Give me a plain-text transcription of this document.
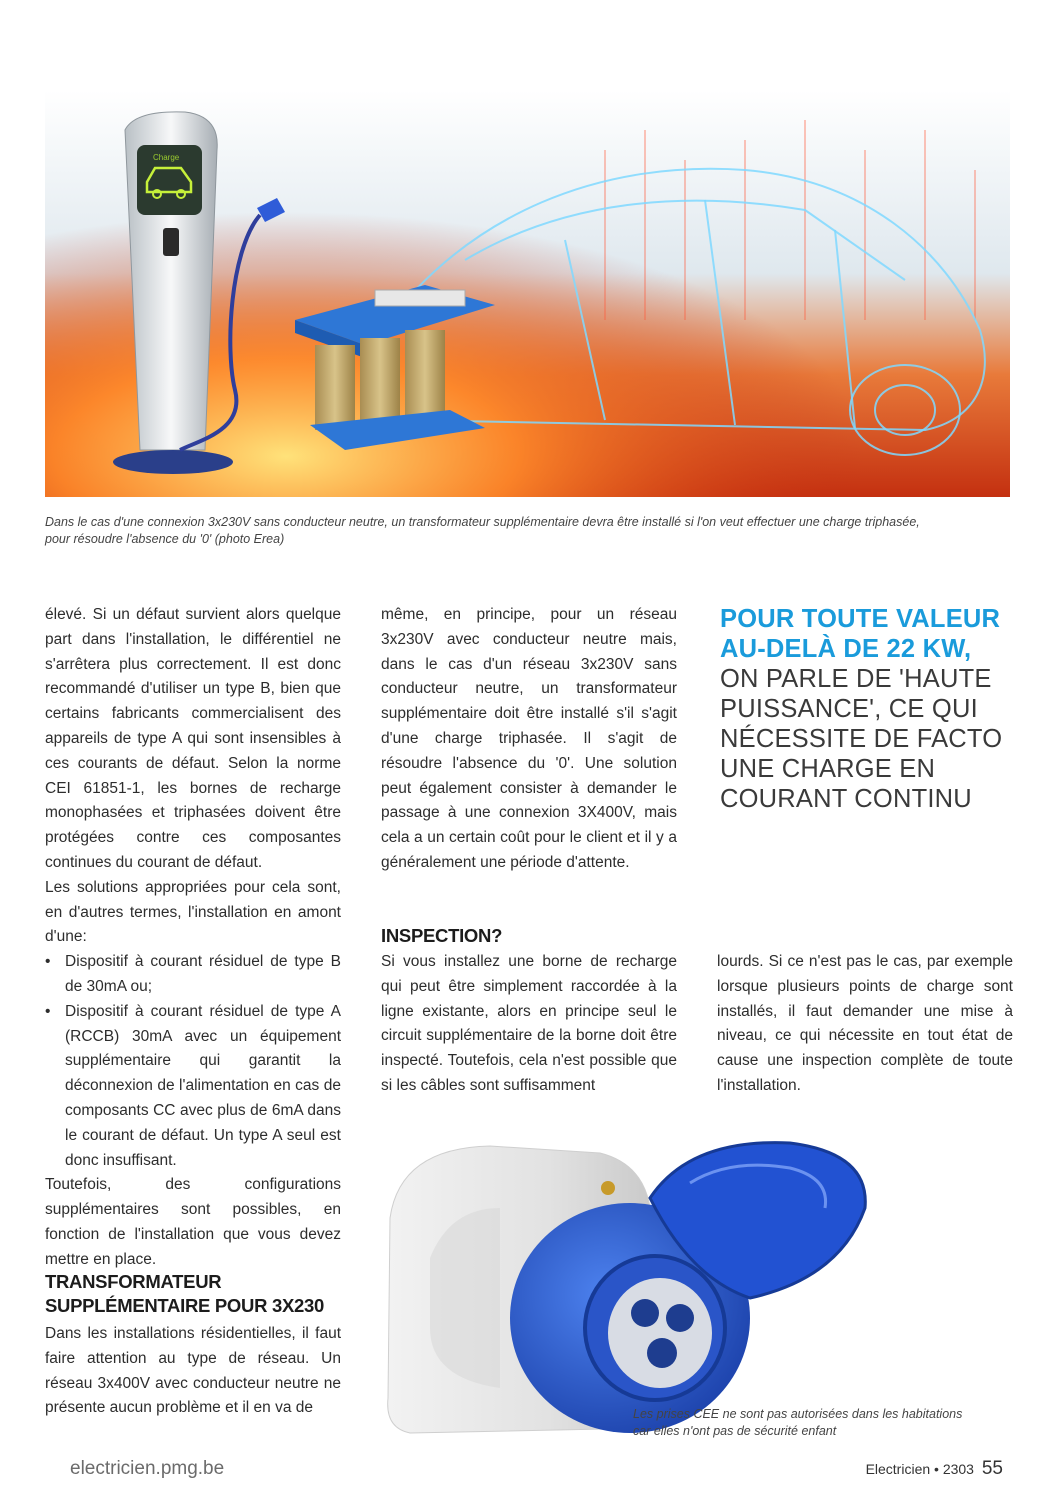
Charge
Dans le cas d'une connexion 3x230V sans conducteur neutre, un transformateur supplémentaire devra être installé si l'on veut effectuer une charge triphasée,
pour résoudre l'absence du '0' (photo Erea)

élevé. Si un défaut survient alors quelque part dans l'installation, le différentiel ne s'arrêtera plus correctement. Il est donc recommandé d'utiliser un type B, bien que certains fabricants commercialisent des appareils de type A qui sont insensibles à ces courants de défaut. Selon la norme CEI 61851-1, les bornes de recharge monophasées et triphasées doivent être protégées contre ces composantes continues du courant de défaut.

Les solutions appropriées pour cela sont, en d'autres termes, l'installation en amont d'une:

• Dispositif à courant résiduel de type B de 30mA ou;
• Dispositif à courant résiduel de type A (RCCB) 30mA avec un équipement supplémentaire qui garantit la déconnexion de l'alimentation en cas de composants CC avec plus de 6mA dans le courant de défaut. Un type A seul est donc insuffisant.

Toutefois, des configurations supplémentaires sont possibles, en fonction de l'installation que vous devez mettre en place.

TRANSFORMATEUR
SUPPLÉMENTAIRE POUR 3X230

Dans les installations résidentielles, il faut faire attention au type de réseau. Un réseau 3x400V avec conducteur neutre ne présente aucun problème et il en va de

même, en principe, pour un réseau 3x230V avec conducteur neutre mais, dans le cas d'un réseau 3x230V sans conducteur neutre, un transformateur supplémentaire doit être installé s'il s'agit d'une charge triphasée. Il s'agit de résoudre l'absence du '0'. Une solution peut également consister à demander le passage à une connexion 3X400V, mais cela a un certain coût pour le client et il y a généralement une période d'attente.

INSPECTION?

Si vous installez une borne de recharge qui peut être simplement raccordée à la ligne existante, alors en principe seul le circuit supplémentaire de la borne doit être inspecté. Toutefois, cela n'est possible que si les câbles sont suffisamment

POUR TOUTE VALEUR AU-DELÀ DE 22 KW,
ON PARLE DE 'HAUTE PUISSANCE', CE QUI NÉCESSITE DE FACTO UNE CHARGE EN COURANT CONTINU

lourds. Si ce n'est pas le cas, par exemple lorsque plusieurs points de charge sont installés, il faut demander une mise à niveau, ce qui nécessite en tout état de cause une inspection complète de toute l'installation.

Les prises CEE ne sont pas autorisées dans les habitations
car elles n'ont pas de sécurité enfant
electricien.pmg.be	Electricien • 2303 55
